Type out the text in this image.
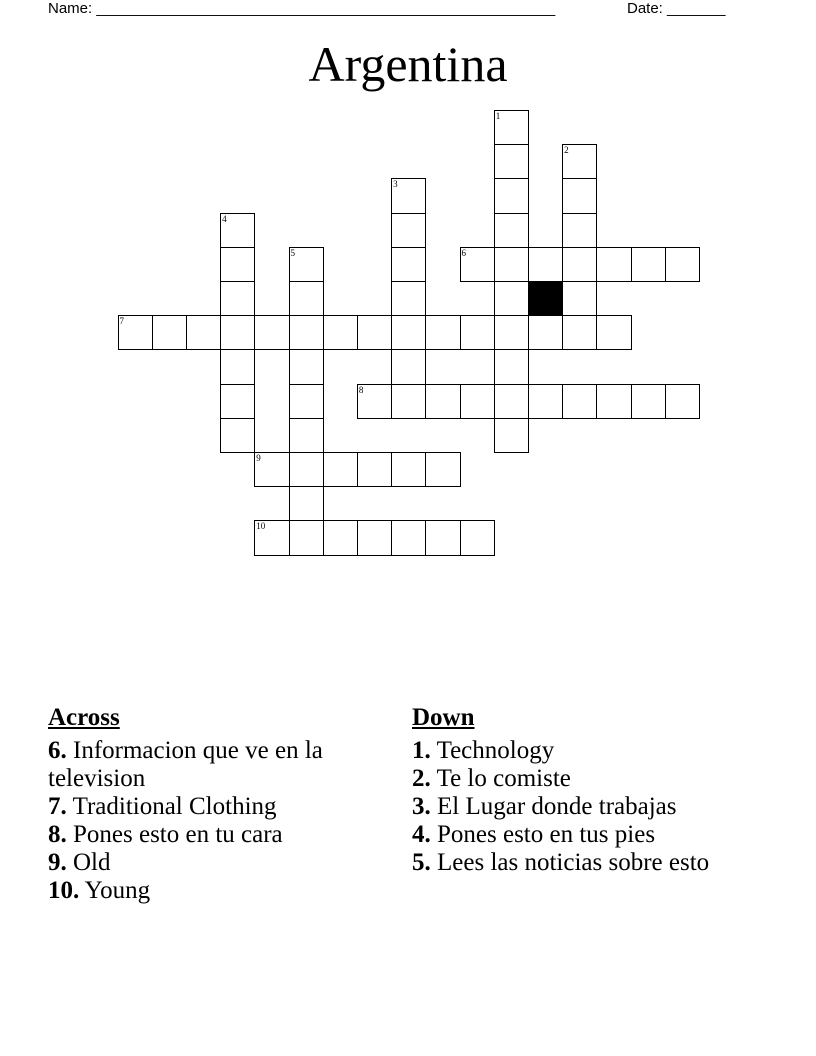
Name: _______________________________________________________	Date: _______
Argentina
1
2
3
4
5	6
7
8
9
10
Across
6. Informacion que ve en la television
7. Traditional Clothing
8. Pones esto en tu cara
9. Old
10. Young
Down
1. Technology
2. Te lo comiste
3. El Lugar donde trabajas
4. Pones esto en tus pies
5. Lees las noticias sobre esto
